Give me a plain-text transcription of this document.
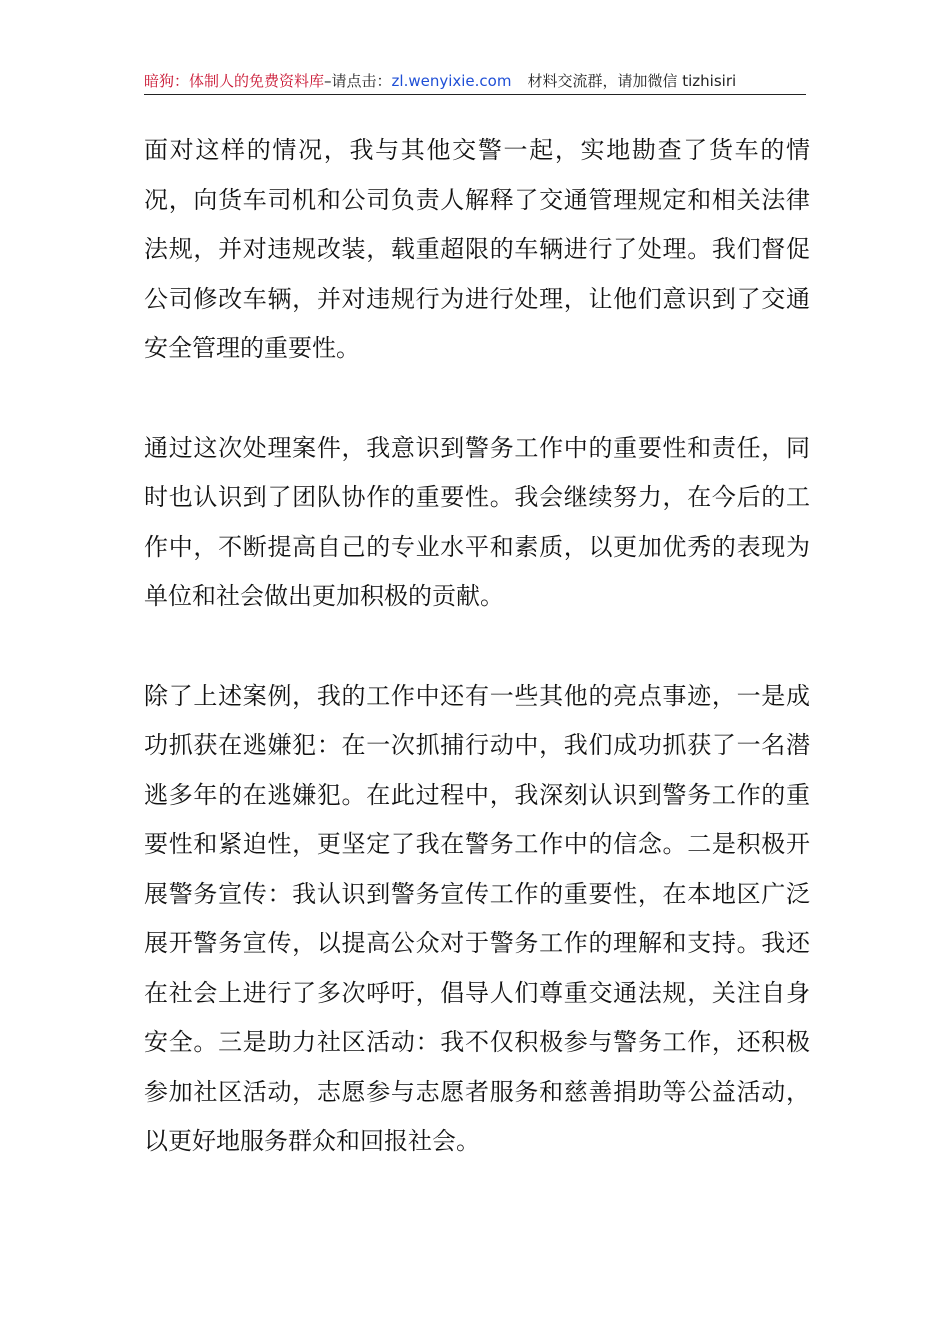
暗狗：体制人的免费资料库–请点击：zl.wenyixie.com 材料交流群，请加微信 tizhisiri

面对这样的情况，我与其他交警一起，实地勘查了货车的情况，向货车司机和公司负责人解释了交通管理规定和相关法律法规，并对违规改装，载重超限的车辆进行了处理。我们督促公司修改车辆，并对违规行为进行处理，让他们意识到了交通安全管理的重要性。

通过这次处理案件，我意识到警务工作中的重要性和责任，同时也认识到了团队协作的重要性。我会继续努力，在今后的工作中，不断提高自己的专业水平和素质，以更加优秀的表现为单位和社会做出更加积极的贡献。

除了上述案例，我的工作中还有一些其他的亮点事迹，一是成功抓获在逃嫌犯：在一次抓捕行动中，我们成功抓获了一名潜逃多年的在逃嫌犯。在此过程中，我深刻认识到警务工作的重要性和紧迫性，更坚定了我在警务工作中的信念。二是积极开展警务宣传：我认识到警务宣传工作的重要性，在本地区广泛展开警务宣传，以提高公众对于警务工作的理解和支持。我还在社会上进行了多次呼吁，倡导人们尊重交通法规，关注自身安全。三是助力社区活动：我不仅积极参与警务工作，还积极参加社区活动，志愿参与志愿者服务和慈善捐助等公益活动，以更好地服务群众和回报社会。
